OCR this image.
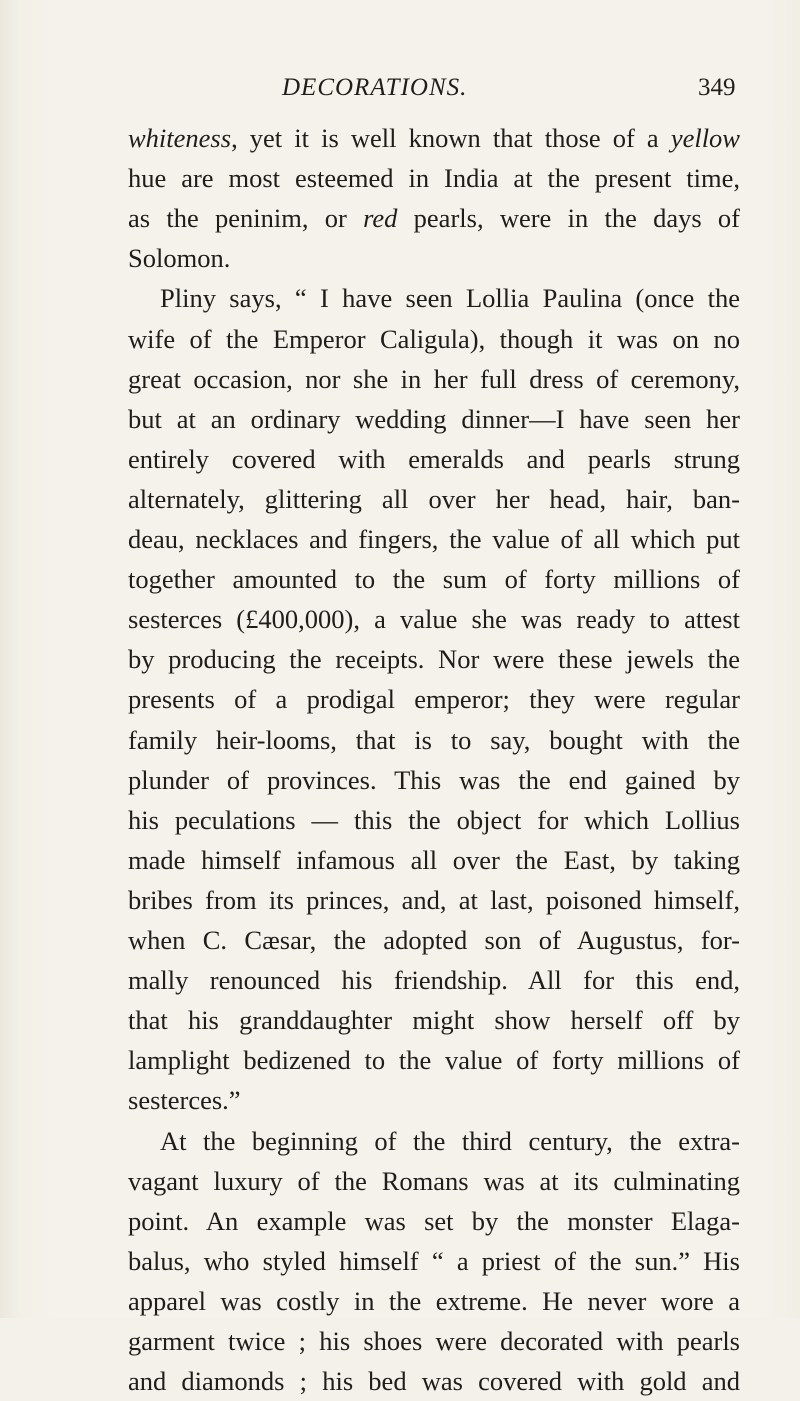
DECORATIONS.	349
whiteness, yet it is well known that those of a yellow
hue are most esteemed in India at the present time,
as the peninim, or red pearls, were in the days of
Solomon.
Pliny says, “ I have seen Lollia Paulina (once the
wife of the Emperor Caligula), though it was on no
great occasion, nor she in her full dress of ceremony,
but at an ordinary wedding dinner—I have seen her
entirely covered with emeralds and pearls strung
alternately, glittering all over her head, hair, ban-
deau, necklaces and fingers, the value of all which put
together amounted to the sum of forty millions of
sesterces (£400,000), a value she was ready to attest
by producing the receipts. Nor were these jewels the
presents of a prodigal emperor; they were regular
family heir-looms, that is to say, bought with the
plunder of provinces. This was the end gained by
his peculations — this the object for which Lollius
made himself infamous all over the East, by taking
bribes from its princes, and, at last, poisoned himself,
when C. Cæsar, the adopted son of Augustus, for-
mally renounced his friendship. All for this end,
that his granddaughter might show herself off by
lamplight bedizened to the value of forty millions of
sesterces.”
At the beginning of the third century, the extra-
vagant luxury of the Romans was at its culminating
point. An example was set by the monster Elaga-
balus, who styled himself “ a priest of the sun.” His
apparel was costly in the extreme. He never wore a
garment twice ; his shoes were decorated with pearls
and diamonds ; his bed was covered with gold and
